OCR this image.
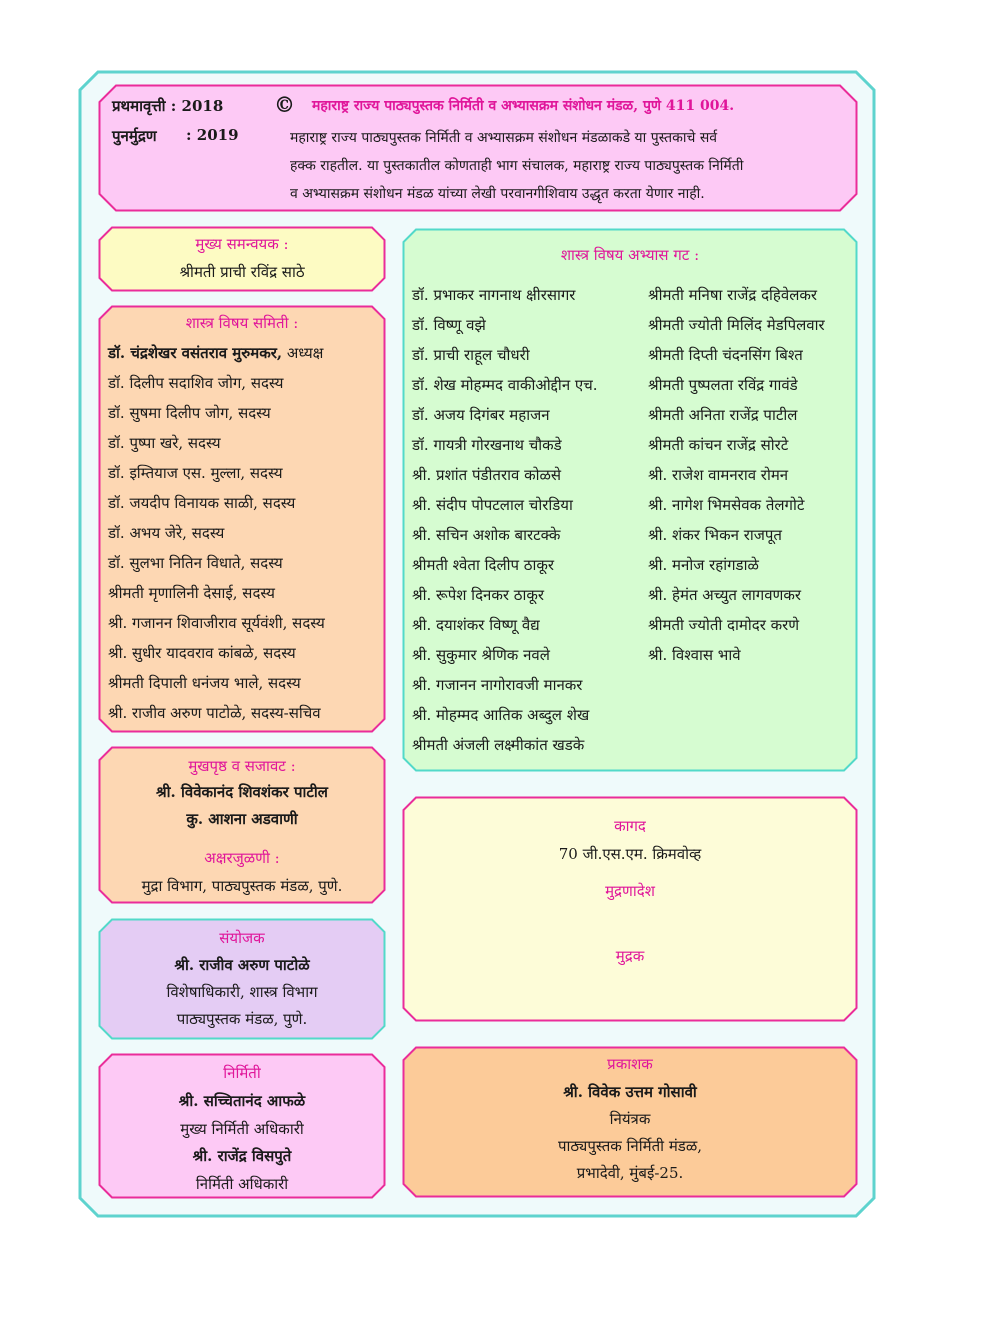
प्रथमावृत्ती : 2018
पुनर्मुद्रण : 2019
© महाराष्ट्र राज्य पाठ्यपुस्तक निर्मिती व अभ्यासक्रम संशोधन मंडळ, पुणे 411 004.
महाराष्ट्र राज्य पाठ्यपुस्तक निर्मिती व अभ्यासक्रम संशोधन मंडळाकडे या पुस्तकाचे सर्व
हक्क राहतील. या पुस्तकातील कोणताही भाग संचालक, महाराष्ट्र राज्य पाठ्यपुस्तक निर्मिती
व अभ्यासक्रम संशोधन मंडळ यांच्या लेखी परवानगीशिवाय उद्धृत करता येणार नाही.
मुख्य समन्वयक :
श्रीमती प्राची रविंद्र साठे
शास्त्र विषय समिती :
डॉ. चंद्रशेखर वसंतराव मुरुमकर, अध्यक्ष
डॉ. दिलीप सदाशिव जोग, सदस्य
डॉ. सुषमा दिलीप जोग, सदस्य
डॉ. पुष्पा खरे, सदस्य
डॉ. इम्तियाज एस. मुल्ला, सदस्य
डॉ. जयदीप विनायक साळी, सदस्य
डॉ. अभय जेरे, सदस्य
डॉ. सुलभा नितिन विधाते, सदस्य
श्रीमती मृणालिनी देसाई, सदस्य
श्री. गजानन शिवाजीराव सूर्यवंशी, सदस्य
श्री. सुधीर यादवराव कांबळे, सदस्य
श्रीमती दिपाली धनंजय भाले, सदस्य
श्री. राजीव अरुण पाटोळे, सदस्य-सचिव
शास्त्र विषय अभ्यास गट :
डॉ. प्रभाकर नागनाथ क्षीरसागर
डॉ. विष्णू वझे
डॉ. प्राची राहूल चौधरी
डॉ. शेख मोहम्मद वाकीओद्दीन एच.
डॉ. अजय दिगंबर महाजन
डॉ. गायत्री गोरखनाथ चौकडे
श्री. प्रशांत पंडीतराव कोळसे
श्री. संदीप पोपटलाल चोरडिया
श्री. सचिन अशोक बारटक्के
श्रीमती श्वेता दिलीप ठाकूर
श्री. रूपेश दिनकर ठाकूर
श्री. दयाशंकर विष्णू वैद्य
श्री. सुकुमार श्रेणिक नवले
श्री. गजानन नागोरावजी मानकर
श्री. मोहम्मद आतिक अब्दुल शेख
श्रीमती अंजली लक्ष्मीकांत खडके
श्रीमती मनिषा राजेंद्र दहिवेलकर
श्रीमती ज्योती मिलिंद मेडपिलवार
श्रीमती दिप्ती चंदनसिंग बिश्त
श्रीमती पुष्पलता रविंद्र गावंडे
श्रीमती अनिता राजेंद्र पाटील
श्रीमती कांचन राजेंद्र सोरटे
श्री. राजेश वामनराव रोमन
श्री. नागेश भिमसेवक तेलगोटे
श्री. शंकर भिकन राजपूत
श्री. मनोज रहांगडाळे
श्री. हेमंत अच्युत लागवणकर
श्रीमती ज्योती दामोदर करणे
श्री. विश्वास भावे
मुखपृष्ठ व सजावट :
श्री. विवेकानंद शिवशंकर पाटील
कु. आशना अडवाणी
अक्षरजुळणी :
मुद्रा विभाग, पाठ्यपुस्तक मंडळ, पुणे.
कागद
70 जी.एस.एम. क्रिमवोव्ह
मुद्रणादेश
मुद्रक
संयोजक
श्री. राजीव अरुण पाटोळे
विशेषाधिकारी, शास्त्र विभाग
पाठ्यपुस्तक मंडळ, पुणे.
निर्मिती
श्री. सच्चितानंद आफळे
मुख्य निर्मिती अधिकारी
श्री. राजेंद्र विसपुते
निर्मिती अधिकारी
प्रकाशक
श्री. विवेक उत्तम गोसावी
नियंत्रक
पाठ्यपुस्तक निर्मिती मंडळ,
प्रभादेवी, मुंबई-25.
